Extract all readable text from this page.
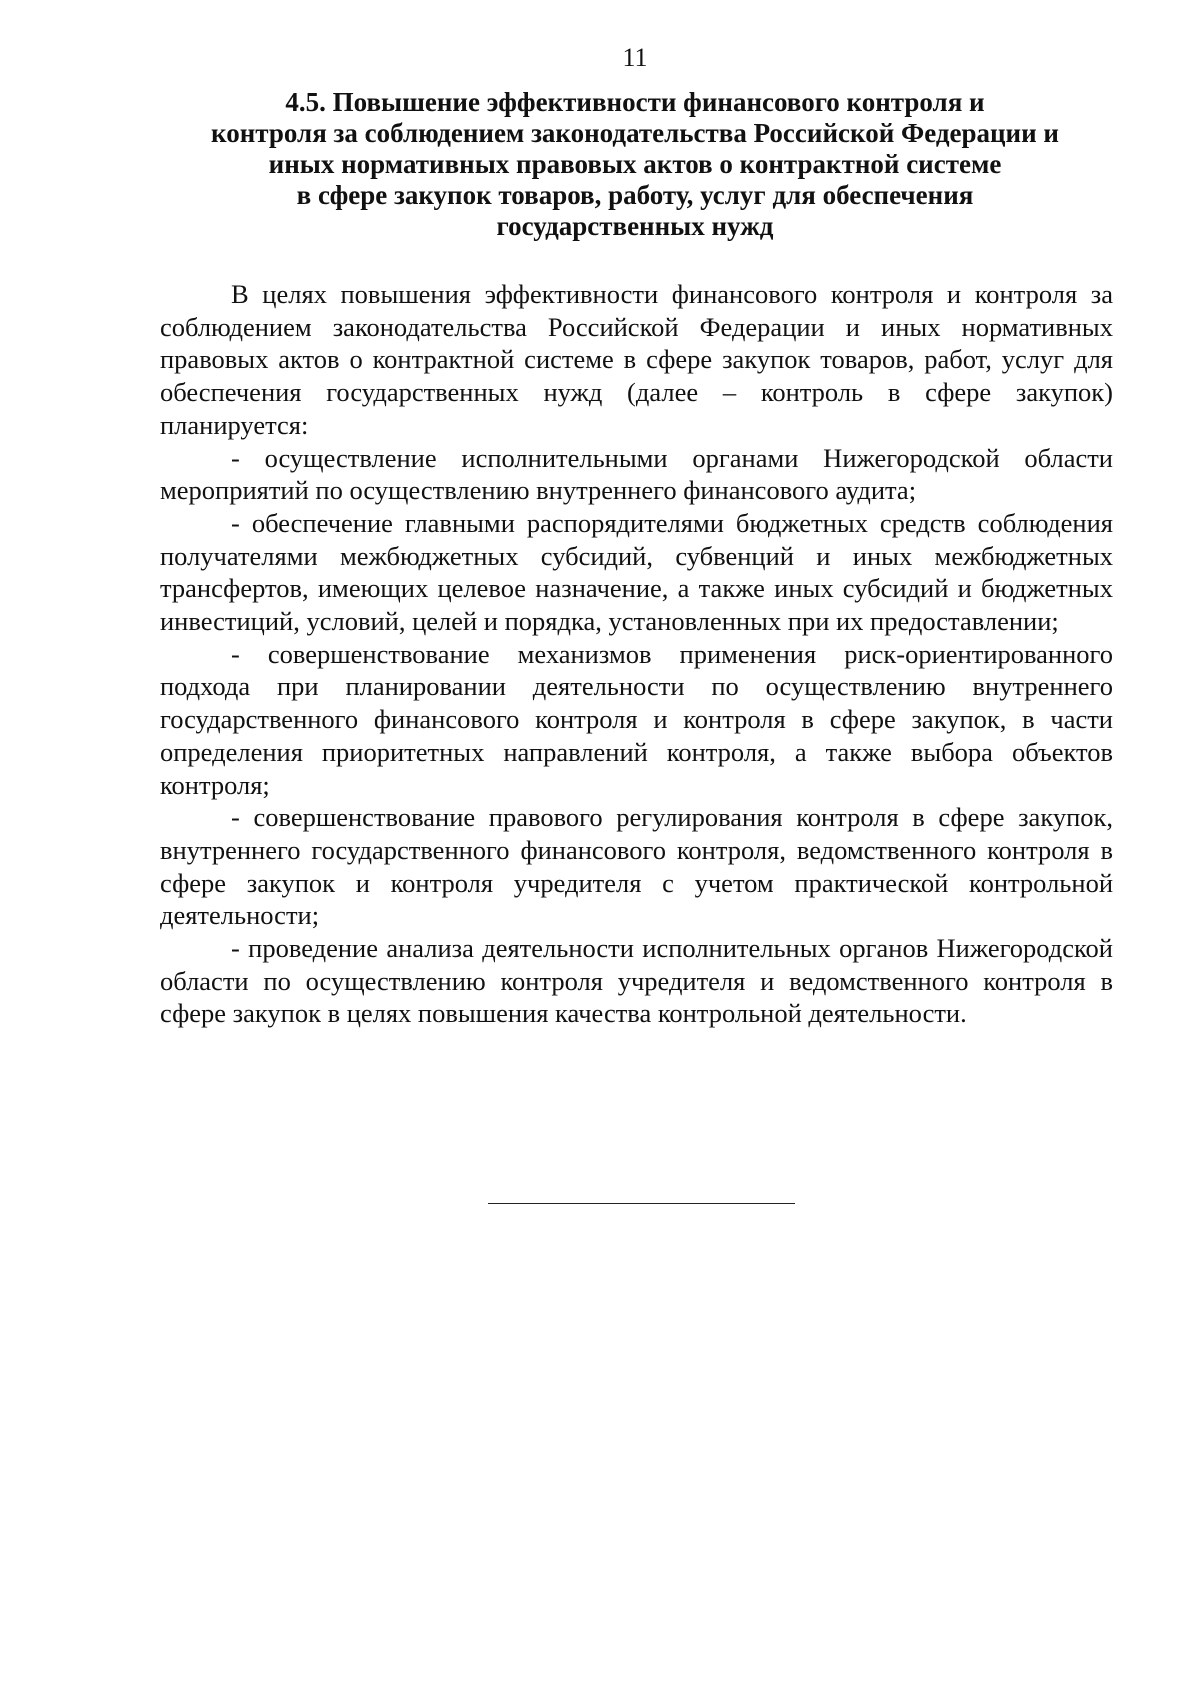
11
4.5. Повышение эффективности финансового контроля и
контроля за соблюдением законодательства Российской Федерации и
иных нормативных правовых актов о контрактной системе
в сфере закупок товаров, работу, услуг для обеспечения
государственных нужд

В целях повышения эффективности финансового контроля и контроля за соблюдением законодательства Российской Федерации и иных нормативных правовых актов о контрактной системе в сфере закупок товаров, работ, услуг для обеспечения государственных нужд (далее – контроль в сфере закупок) планируется:

- осуществление исполнительными органами Нижегородской области мероприятий по осуществлению внутреннего финансового аудита;

- обеспечение главными распорядителями бюджетных средств соблюдения получателями межбюджетных субсидий, субвенций и иных межбюджетных трансфертов, имеющих целевое назначение, а также иных субсидий и бюджетных инвестиций, условий, целей и порядка, установленных при их предоставлении;

- совершенствование механизмов применения риск-ориентированного подхода при планировании деятельности по осуществлению внутреннего государственного финансового контроля и контроля в сфере закупок, в части определения приоритетных направлений контроля, а также выбора объектов контроля;

- совершенствование правового регулирования контроля в сфере закупок, внутреннего государственного финансового контроля, ведомственного контроля в сфере закупок и контроля учредителя с учетом практической контрольной деятельности;

- проведение анализа деятельности исполнительных органов Нижегородской области по осуществлению контроля учредителя и ведомственного контроля в сфере закупок в целях повышения качества контрольной деятельности.
